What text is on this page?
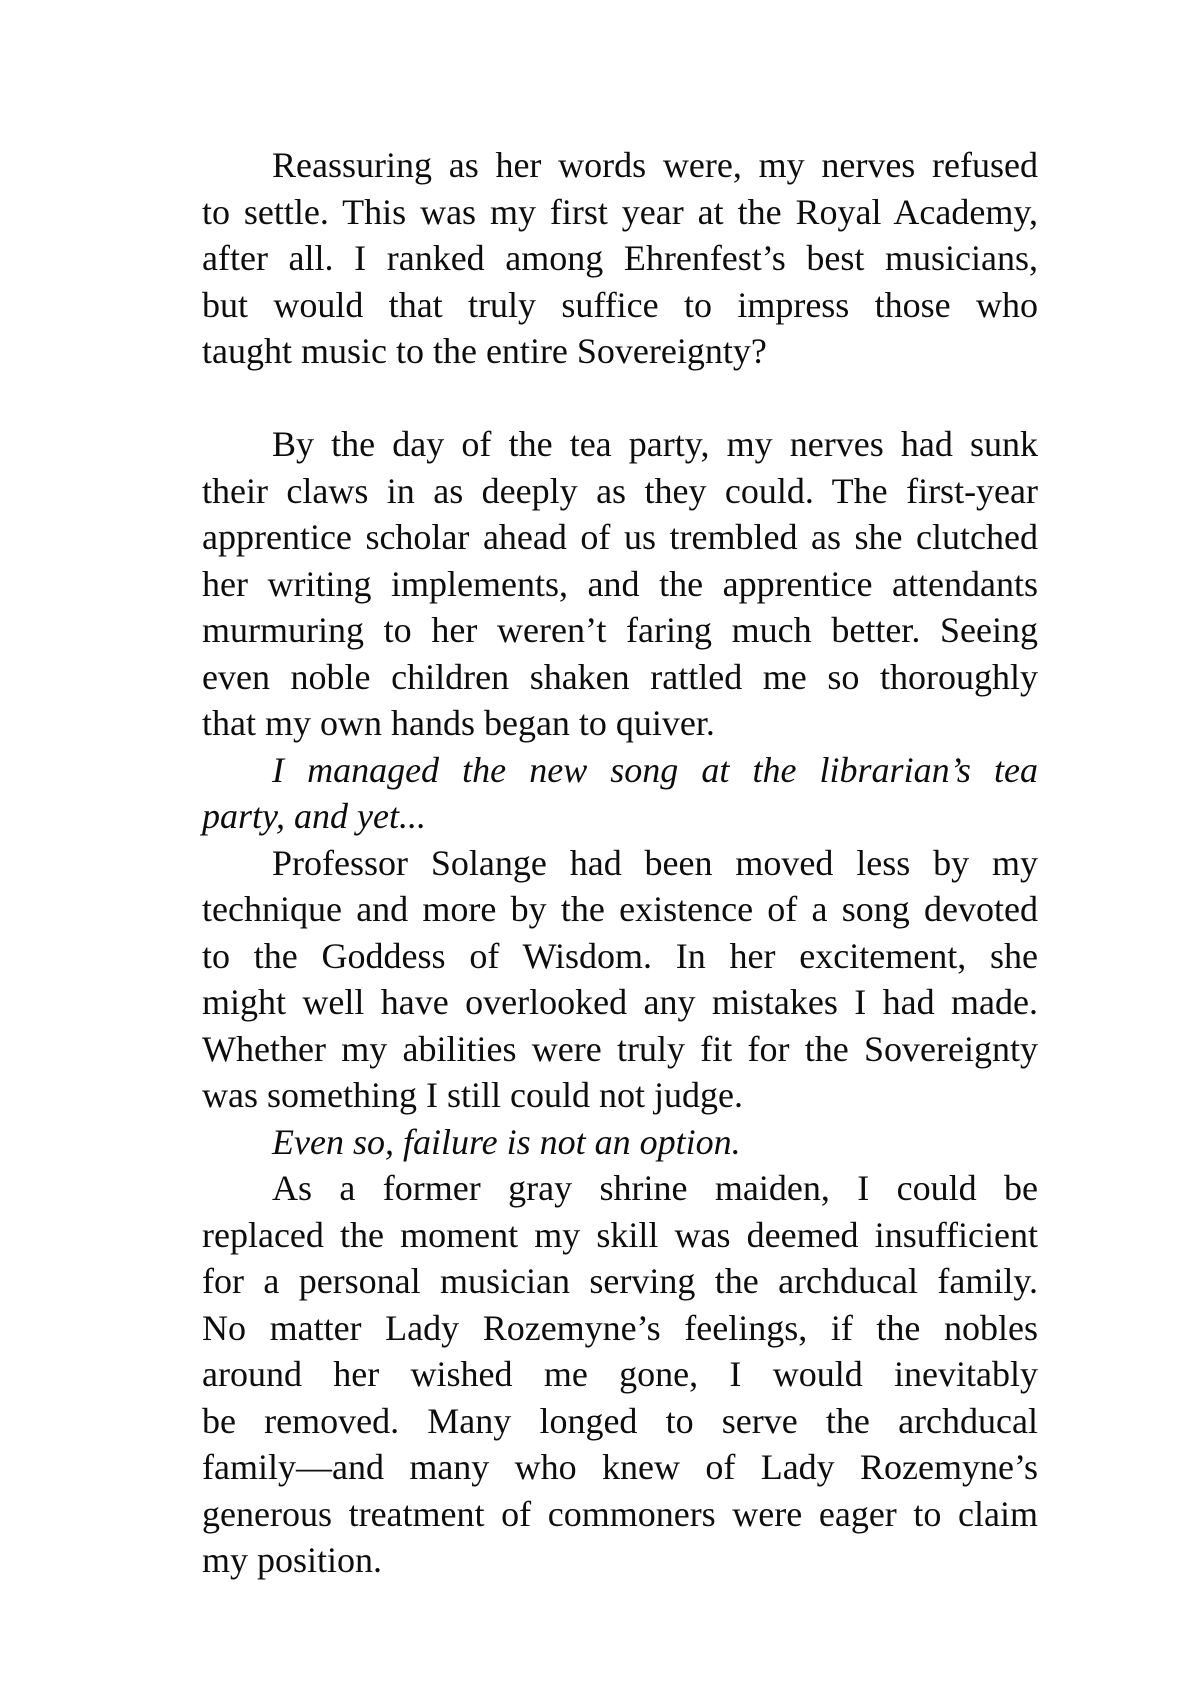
Reassuring as her words were, my nerves refused
to settle. This was my first year at the Royal Academy,
after all. I ranked among Ehrenfest’s best musicians,
but would that truly suffice to impress those who
taught music to the entire Sovereignty?
By the day of the tea party, my nerves had sunk
their claws in as deeply as they could. The first-year
apprentice scholar ahead of us trembled as she clutched
her writing implements, and the apprentice attendants
murmuring to her weren’t faring much better. Seeing
even noble children shaken rattled me so thoroughly
that my own hands began to quiver.
I managed the new song at the librarian’s tea
party, and yet...
Professor Solange had been moved less by my
technique and more by the existence of a song devoted
to the Goddess of Wisdom. In her excitement, she
might well have overlooked any mistakes I had made.
Whether my abilities were truly fit for the Sovereignty
was something I still could not judge.
Even so, failure is not an option.
As a former gray shrine maiden, I could be
replaced the moment my skill was deemed insufficient
for a personal musician serving the archducal family.
No matter Lady Rozemyne’s feelings, if the nobles
around her wished me gone, I would inevitably
be removed. Many longed to serve the archducal
family—and many who knew of Lady Rozemyne’s
generous treatment of commoners were eager to claim
my position.
